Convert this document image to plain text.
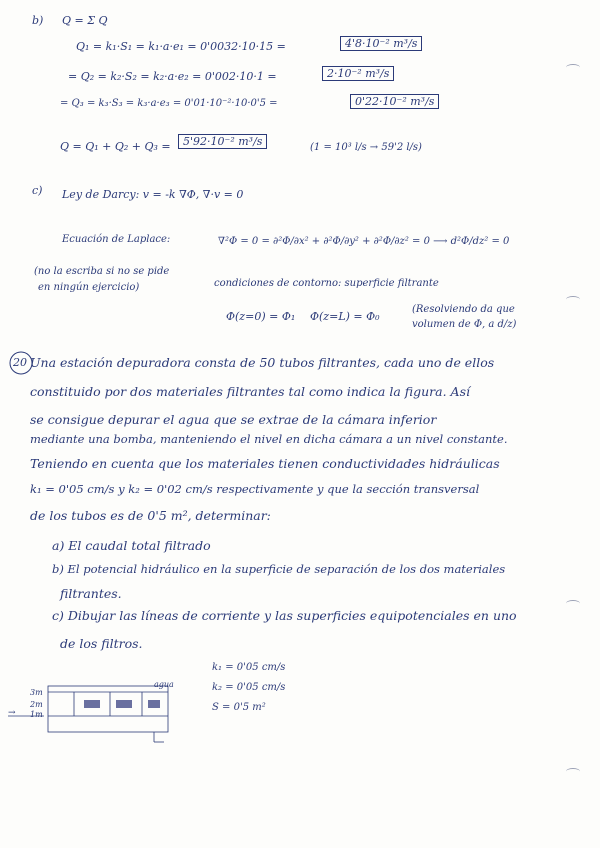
b) Q = Σ Q
Q₁ = k₁·S₁ = k₁·a·e₁ = 0'0032·10·15 =	4'8·10⁻² m³/s
= Q₂ = k₂·S₂ = k₂·a·e₂ = 0'002·10·1 =	2·10⁻² m³/s
= Q₃ = k₃·S₃ = k₃·a·e₃ = 0'01·10⁻²·10·0'5 =	0'22·10⁻² m³/s
Q = Q₁ + Q₂ + Q₃ =	5'92·10⁻² m³/s	(1 = 10³ l/s → 59'2 l/s)
c) Ley de Darcy: v = -k ∇Φ, ∇·v = 0
Ecuación de Laplace:	∇²Φ = 0 = ∂²Φ/∂x² + ∂²Φ/∂y² + ∂²Φ/∂z² = 0 ⟶ d²Φ/dz² = 0
(no la escriba si no se pide
en ningún ejercicio)	condiciones de contorno: superficie filtrante
Φ(z=0) = Φ₁ Φ(z=L) = Φ₀
(Resolviendo da que
volumen de Φ, a d/z)
20 Una estación depuradora consta de 50 tubos filtrantes, cada uno de ellos
constituido por dos materiales filtrantes tal como indica la figura. Así
se consigue depurar el agua que se extrae de la cámara inferior
mediante una bomba, manteniendo el nivel en dicha cámara a un nivel constante.
Teniendo en cuenta que los materiales tienen conductividades hidráulicas
k₁ = 0'05 cm/s y k₂ = 0'02 cm/s respectivamente y que la sección transversal
de los tubos es de 0'5 m², determinar:
a) El caudal total filtrado
b) El potencial hidráulico en la superficie de separación de los dos materiales
filtrantes.
c) Dibujar las líneas de corriente y las superficies equipotenciales en uno
de los filtros.
k₁ = 0'05 cm/s
k₂ = 0'05 cm/s
S = 0'5 m²
agua
3m
2m
1m
→
